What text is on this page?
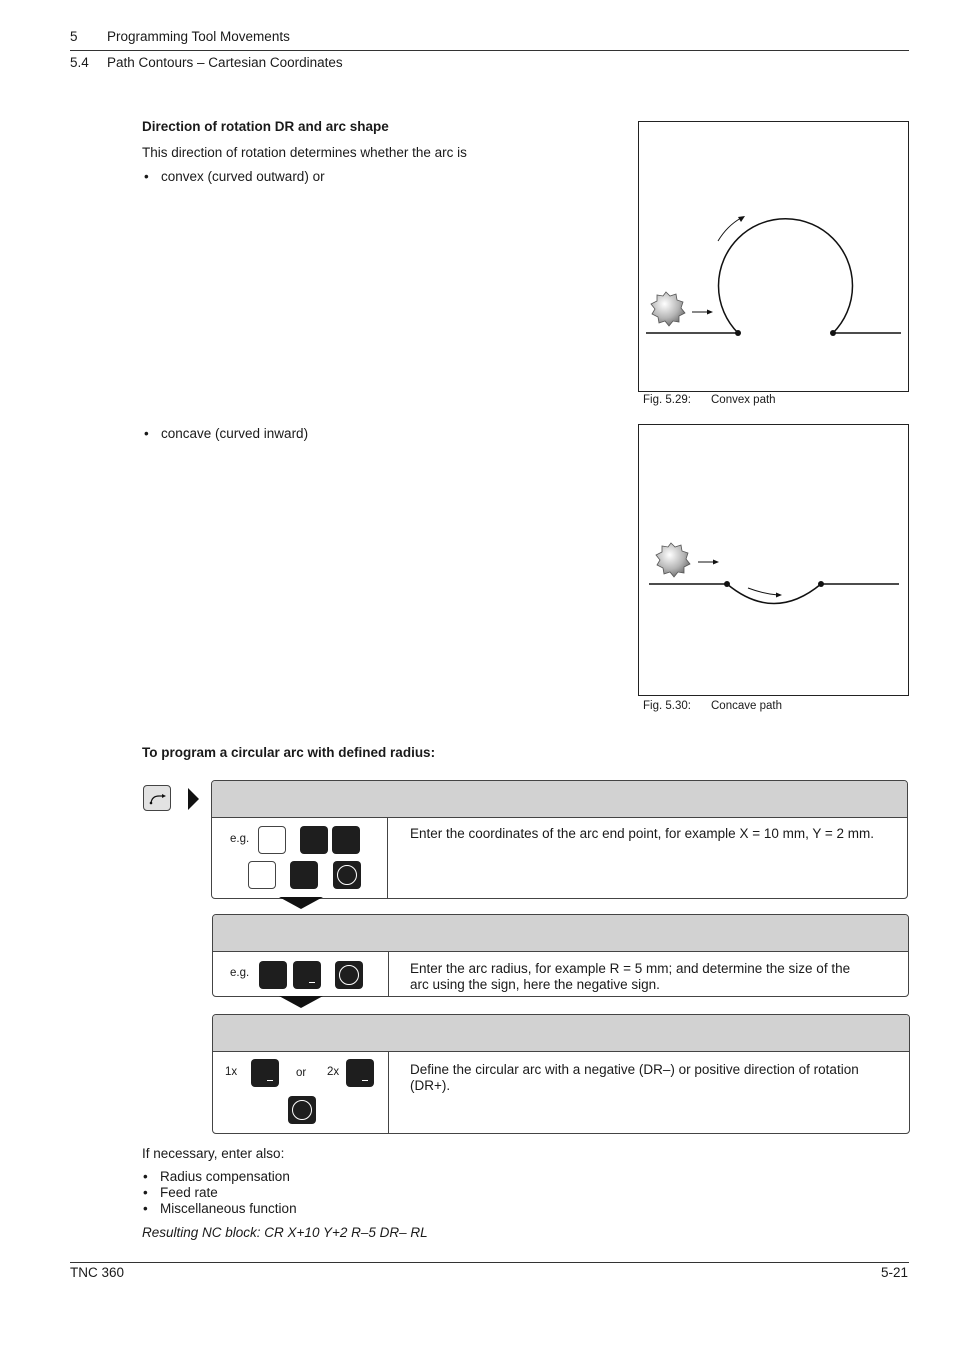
5 Programming Tool Movements
5.4 Path Contours – Cartesian Coordinates
Direction of rotation DR and arc shape
This direction of rotation determines whether the arc is
• convex (curved outward) or
• concave (curved inward)
Fig. 5.29: Convex path
Fig. 5.30: Concave path
To program a circular arc with defined radius:
e.g.	Enter the coordinates of the arc end point, for example X = 10 mm, Y = 2 mm.
e.g.	Enter the arc radius, for example R = 5 mm; and determine the size of the arc using the sign, here the negative sign.
1x	or 2x	Define the circular arc with a negative (DR–) or positive direction of rotation (DR+).
If necessary, enter also:
• Radius compensation
• Feed rate
• Miscellaneous function
Resulting NC block: CR X+10 Y+2 R–5 DR– RL
TNC 360	5-21
